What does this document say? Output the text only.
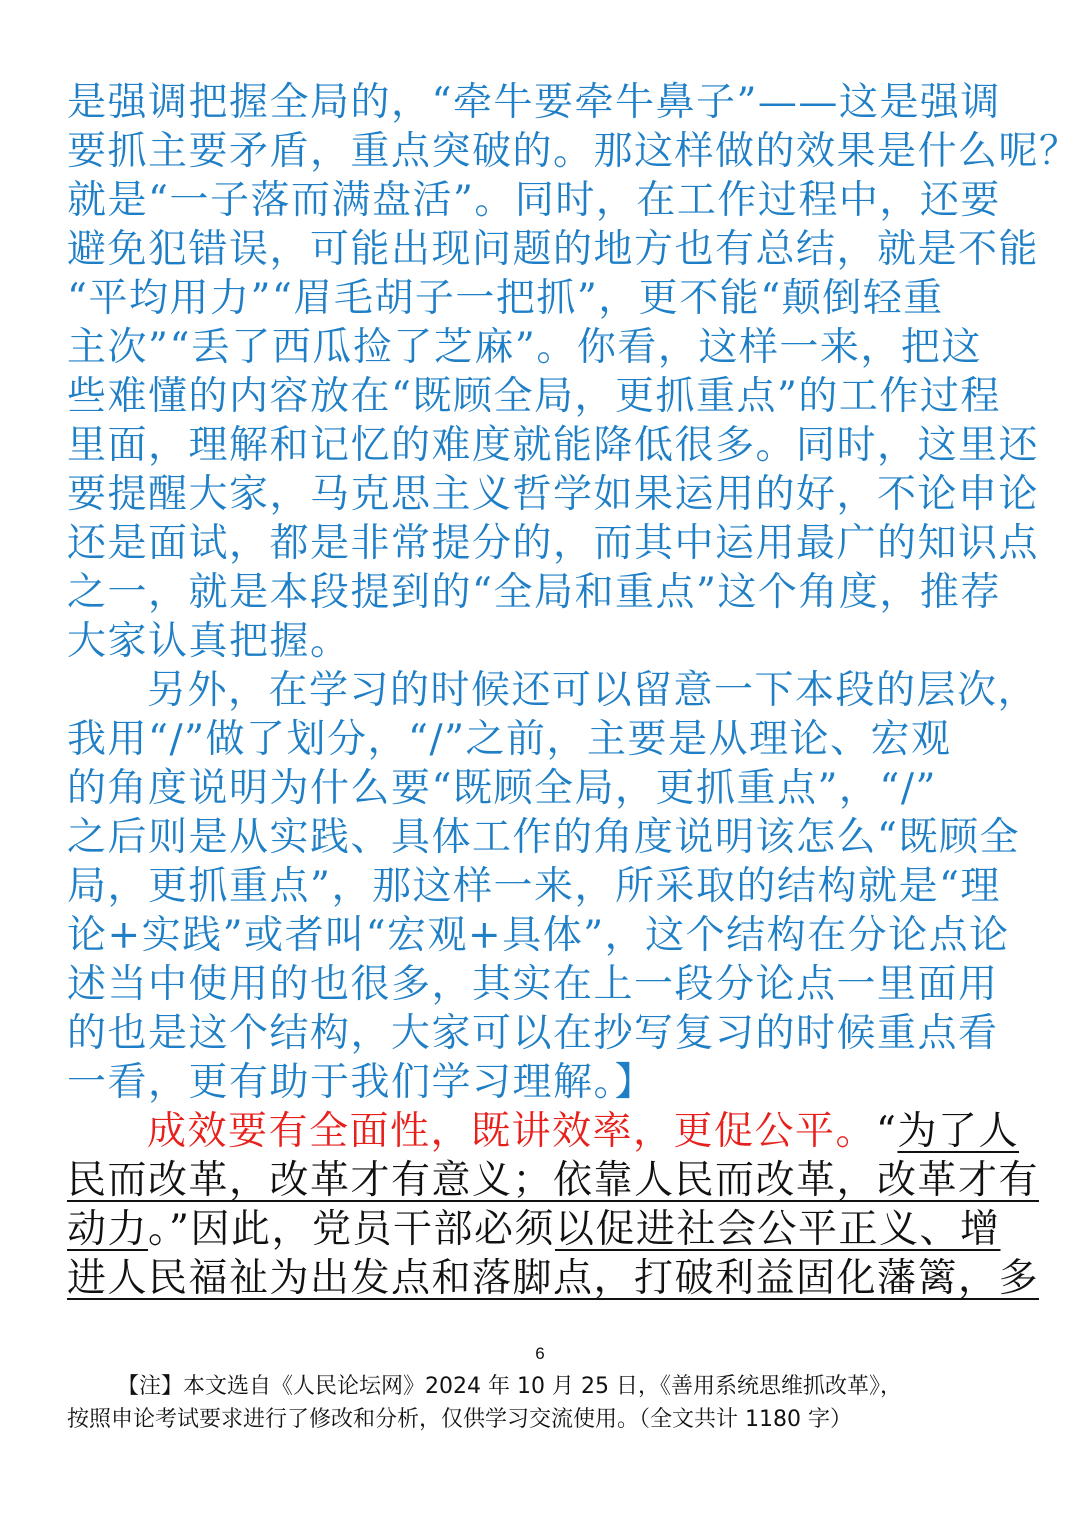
是强调把握全局的，“牵牛要牵牛鼻子”——这是强调
要抓主要矛盾，重点突破的。那这样做的效果是什么呢？
就是“一子落而满盘活”。同时，在工作过程中，还要
避免犯错误，可能出现问题的地方也有总结，就是不能
“平均用力”“眉毛胡子一把抓”，更不能“颠倒轻重
主次”“丢了西瓜捡了芝麻”。你看，这样一来，把这
些难懂的内容放在“既顾全局，更抓重点”的工作过程
里面，理解和记忆的难度就能降低很多。同时，这里还
要提醒大家，马克思主义哲学如果运用的好，不论申论
还是面试，都是非常提分的，而其中运用最广的知识点
之一，就是本段提到的“全局和重点”这个角度，推荐
大家认真把握。
另外，在学习的时候还可以留意一下本段的层次，
我用“/”做了划分，“/”之前，主要是从理论、宏观
的角度说明为什么要“既顾全局，更抓重点”，“/”
之后则是从实践、具体工作的角度说明该怎么“既顾全
局，更抓重点”，那这样一来，所采取的结构就是“理
论+实践”或者叫“宏观+具体”，这个结构在分论点论
述当中使用的也很多，其实在上一段分论点一里面用
的也是这个结构，大家可以在抄写复习的时候重点看
一看，更有助于我们学习理解。】
成效要有全面性，既讲效率，更促公平。“为了人
民而改革，改革才有意义；依靠人民而改革，改革才有
动力。”因此，党员干部必须以促进社会公平正义、增
进人民福祉为出发点和落脚点，打破利益固化藩篱，多
6
【注】本文选自《人民论坛网》2024 年 10 月 25 日，《善用系统思维抓改革》，
按照申论考试要求进行了修改和分析，仅供学习交流使用。（全文共计 1180 字）
